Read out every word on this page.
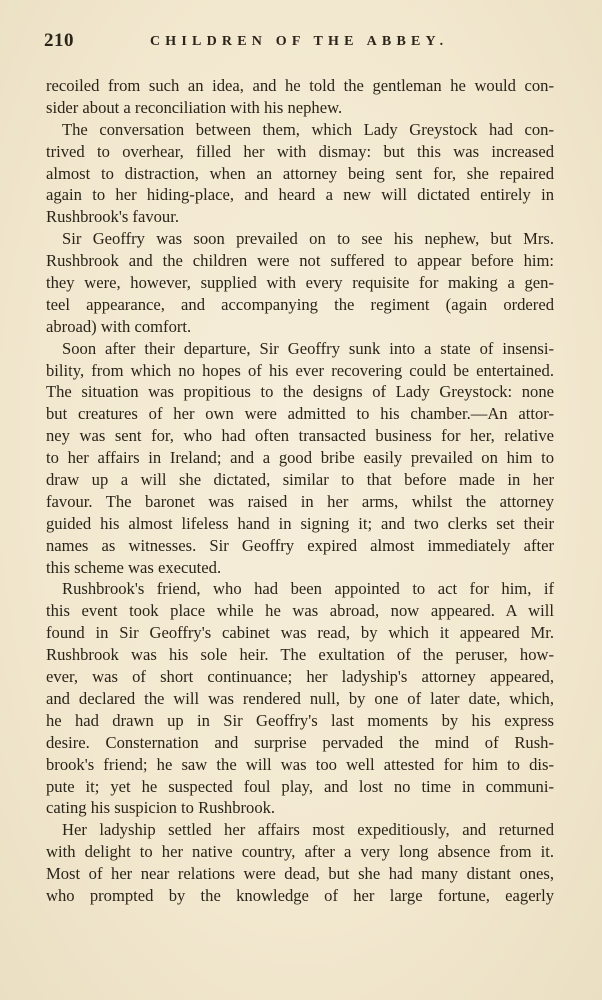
210	CHILDREN OF THE ABBEY.
recoiled from such an idea, and he told the gentleman he would con-
sider about a reconciliation with his nephew.
The conversation between them, which Lady Greystock had con-
trived to overhear, filled her with dismay: but this was increased
almost to distraction, when an attorney being sent for, she repaired
again to her hiding-place, and heard a new will dictated entirely in
Rushbrook's favour.
Sir Geoffry was soon prevailed on to see his nephew, but Mrs.
Rushbrook and the children were not suffered to appear before him:
they were, however, supplied with every requisite for making a gen-
teel appearance, and accompanying the regiment (again ordered
abroad) with comfort.
Soon after their departure, Sir Geoffry sunk into a state of insensi-
bility, from which no hopes of his ever recovering could be entertained.
The situation was propitious to the designs of Lady Greystock: none
but creatures of her own were admitted to his chamber.—An attor-
ney was sent for, who had often transacted business for her, relative
to her affairs in Ireland; and a good bribe easily prevailed on him to
draw up a will she dictated, similar to that before made in her
favour. The baronet was raised in her arms, whilst the attorney
guided his almost lifeless hand in signing it; and two clerks set their
names as witnesses. Sir Geoffry expired almost immediately after
this scheme was executed.
Rushbrook's friend, who had been appointed to act for him, if
this event took place while he was abroad, now appeared. A will
found in Sir Geoffry's cabinet was read, by which it appeared Mr.
Rushbrook was his sole heir. The exultation of the peruser, how-
ever, was of short continuance; her ladyship's attorney appeared,
and declared the will was rendered null, by one of later date, which,
he had drawn up in Sir Geoffry's last moments by his express
desire. Consternation and surprise pervaded the mind of Rush-
brook's friend; he saw the will was too well attested for him to dis-
pute it; yet he suspected foul play, and lost no time in communi-
cating his suspicion to Rushbrook.
Her ladyship settled her affairs most expeditiously, and returned
with delight to her native country, after a very long absence from it.
Most of her near relations were dead, but she had many distant ones,
who prompted by the knowledge of her large fortune, eagerly
